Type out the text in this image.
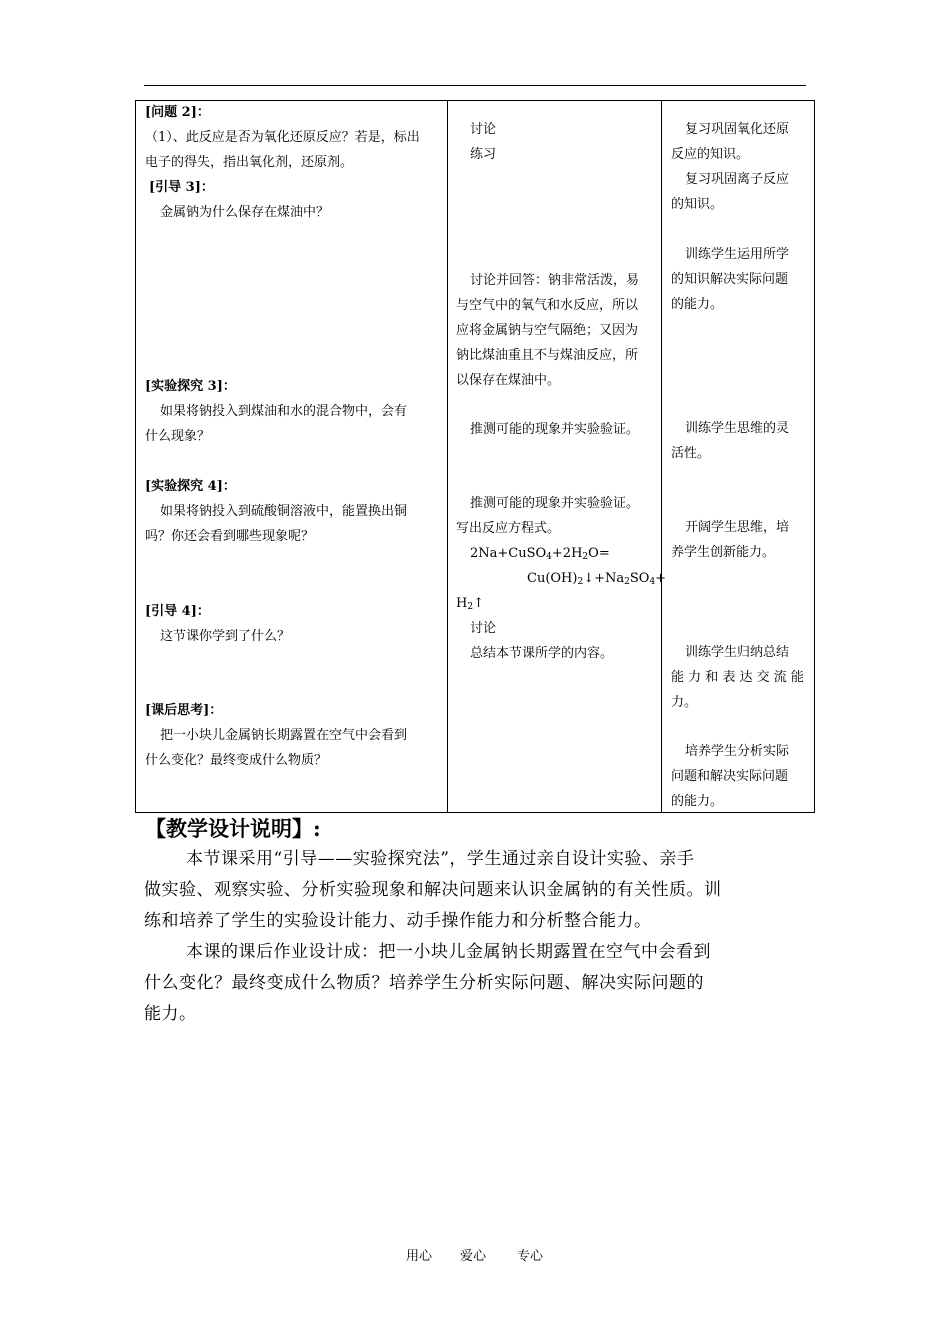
[问题 2]：
（1）、此反应是否为氧化还原反应？若是，标出
电子的得失，指出氧化剂，还原剂。
[引导 3]：
金属钠为什么保存在煤油中？
[实验探究 3]：
如果将钠投入到煤油和水的混合物中，会有
什么现象？
[实验探究 4]：
如果将钠投入到硫酸铜溶液中，能置换出铜
吗？你还会看到哪些现象呢？
[引导 4]：
这节课你学到了什么？
[课后思考]：
把一小块儿金属钠长期露置在空气中会看到
什么变化？最终变成什么物质？
讨论
练习
讨论并回答：钠非常活泼，易
与空气中的氧气和水反应，所以
应将金属钠与空气隔绝；又因为
钠比煤油重且不与煤油反应，所
以保存在煤油中。
推测可能的现象并实验验证。
推测可能的现象并实验验证。
写出反应方程式。
$2Na+CuSO_4+2H_2O=$
$Cu(OH)_2↓+Na_2SO_4+$
$H_2↑$
讨论
总结本节课所学的内容。
复习巩固氧化还原
反应的知识。
复习巩固离子反应
的知识。
训练学生运用所学
的知识解决实际问题
的能力。
训练学生思维的灵
活性。
开阔学生思维，培
养学生创新能力。
训练学生归纳总结
能 力 和 表 达 交 流 能
力。
培养学生分析实际
问题和解决实际问题
的能力。
【教学设计说明】:
本节课采用“引导——实验探究法”，学生通过亲自设计实验、亲手
做实验、观察实验、分析实验现象和解决问题来认识金属钠的有关性质。训
练和培养了学生的实验设计能力、动手操作能力和分析整合能力。
本课的课后作业设计成：把一小块儿金属钠长期露置在空气中会看到
什么变化？最终变成什么物质？培养学生分析实际问题、解决实际问题的
能力。
用心 爱心 专心
